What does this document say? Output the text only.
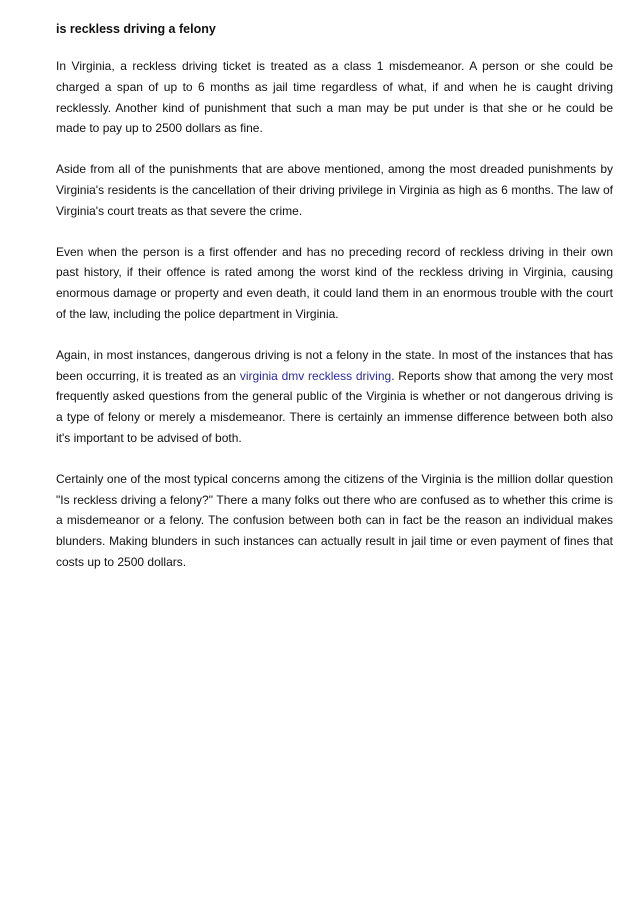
is reckless driving a felony

In Virginia, a reckless driving ticket is treated as a class 1 misdemeanor. A person or she could be charged a span of up to 6 months as jail time regardless of what, if and when he is caught driving recklessly. Another kind of punishment that such a man may be put under is that she or he could be made to pay up to 2500 dollars as fine.

Aside from all of the punishments that are above mentioned, among the most dreaded punishments by Virginia's residents is the cancellation of their driving privilege in Virginia as high as 6 months. The law of Virginia's court treats as that severe the crime.

Even when the person is a first offender and has no preceding record of reckless driving in their own past history, if their offence is rated among the worst kind of the reckless driving in Virginia, causing enormous damage or property and even death, it could land them in an enormous trouble with the court of the law, including the police department in Virginia.

Again, in most instances, dangerous driving is not a felony in the state. In most of the instances that has been occurring, it is treated as an virginia dmv reckless driving. Reports show that among the very most frequently asked questions from the general public of the Virginia is whether or not dangerous driving is a type of felony or merely a misdemeanor. There is certainly an immense difference between both also it's important to be advised of both.

Certainly one of the most typical concerns among the citizens of the Virginia is the million dollar question "Is reckless driving a felony?" There a many folks out there who are confused as to whether this crime is a misdemeanor or a felony. The confusion between both can in fact be the reason an individual makes blunders. Making blunders in such instances can actually result in jail time or even payment of fines that costs up to 2500 dollars.
